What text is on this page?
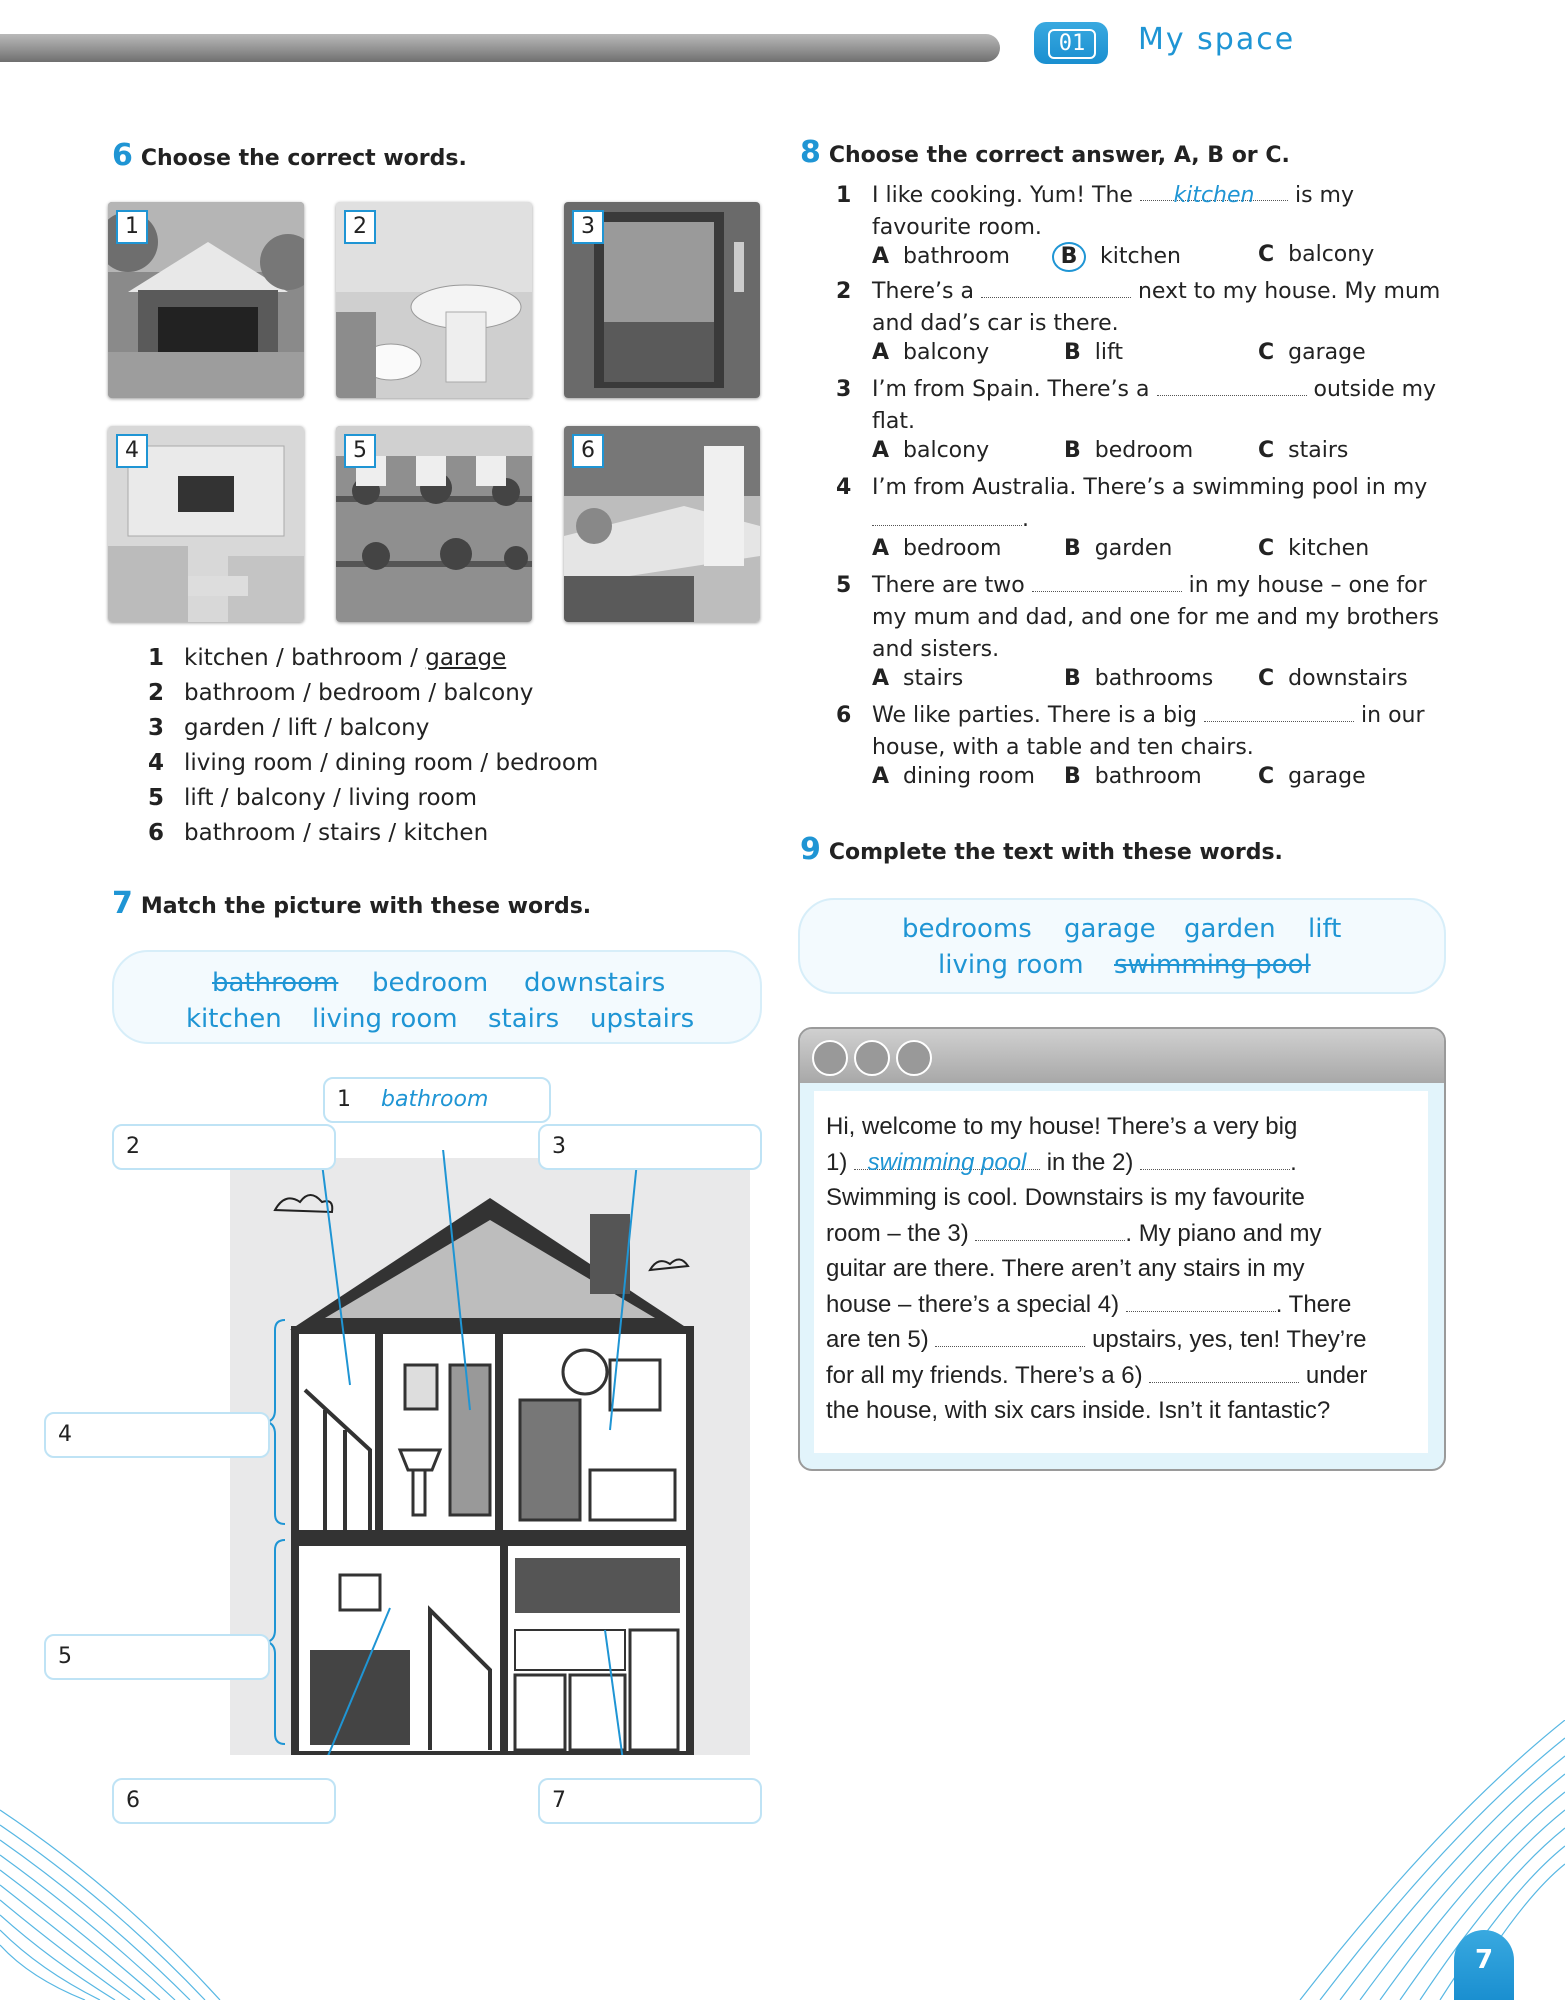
01	My space
6 Choose the correct words.
1	2	3
4	5	6
1 kitchen / bathroom / garage
2 bathroom / bedroom / balcony
3 garden / lift / balcony
4 living room / dining room / bedroom
5 lift / balcony / living room
6 bathroom / stairs / kitchen
7 Match the picture with these words.
bathroom bedroom downstairs
kitchen living room stairs upstairs
1 bathroom
2	3
4
5
6	7
8 Choose the correct answer, A, B or C.
1 I like cooking. Yum! The kitchen is my favourite room.
A bathroom	B kitchen	C balcony
2 There’s a	next to my house. My mum and dad’s car is there.
A balcony	B lift	C garage
3 I’m from Spain. There’s a	outside my flat.
A balcony	B bedroom	C stairs
4 I’m from Australia. There’s a swimming pool in my
.
A bedroom	B garden	C kitchen
5 There are two	in my house – one for my mum and dad, and one for me and my brothers and sisters.
A stairs	B bathrooms C downstairs
6 We like parties. There is a big	in our house, with a table and ten chairs.
A dining room B bathroom	C garage
9 Complete the text with these words.
bedrooms garage garden lift
living room swimming pool
Hi, welcome to my house! There’s a very big
1) swimming pool in the 2)	.
Swimming is cool. Downstairs is my favourite
room – the 3)	. My piano and my
guitar are there. There aren’t any stairs in my
house – there’s a special 4)	. There
are ten 5)	upstairs, yes, ten! They’re
for all my friends. There’s a 6)	under
the house, with six cars inside. Isn’t it fantastic?
7
